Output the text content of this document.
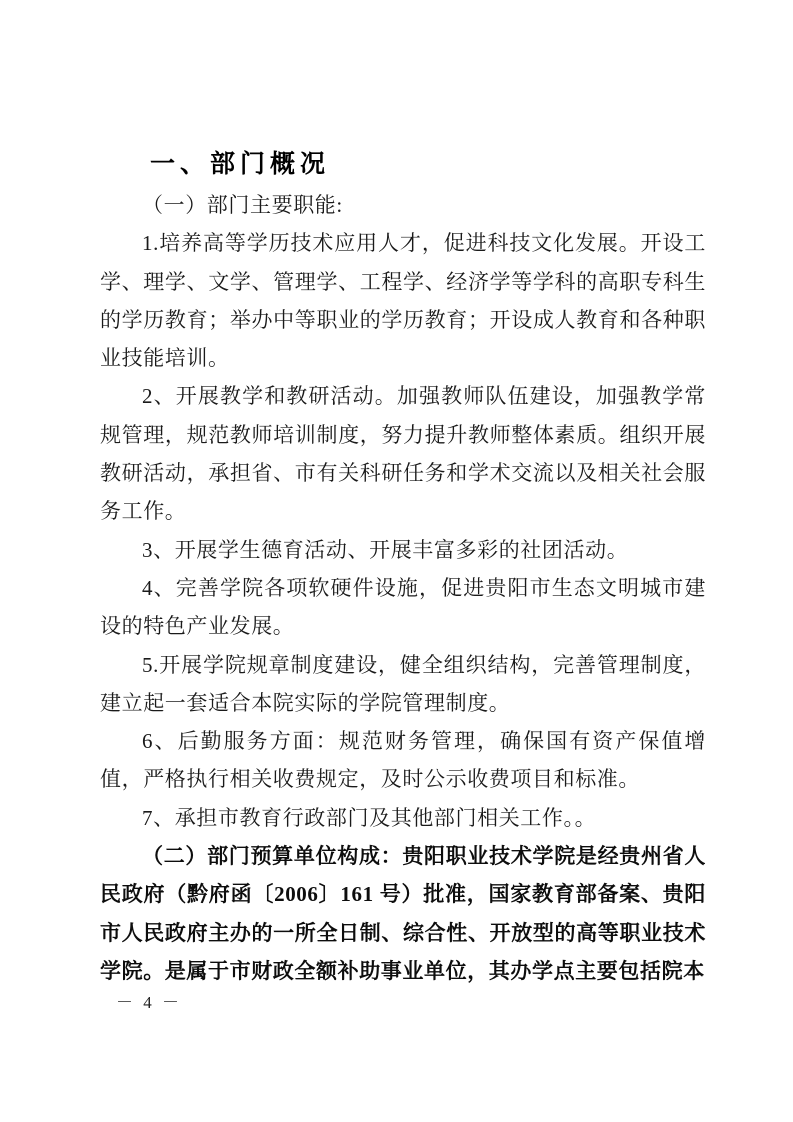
一、部门概况

（一）部门主要职能:

1.培养高等学历技术应用人才，促进科技文化发展。开设工学、理学、文学、管理学、工程学、经济学等学科的高职专科生的学历教育；举办中等职业的学历教育；开设成人教育和各种职业技能培训。

2、开展教学和教研活动。加强教师队伍建设，加强教学常规管理，规范教师培训制度，努力提升教师整体素质。组织开展教研活动，承担省、市有关科研任务和学术交流以及相关社会服务工作。

3、开展学生德育活动、开展丰富多彩的社团活动。

4、完善学院各项软硬件设施，促进贵阳市生态文明城市建设的特色产业发展。

5.开展学院规章制度建设，健全组织结构，完善管理制度，建立起一套适合本院实际的学院管理制度。

6、后勤服务方面：规范财务管理，确保国有资产保值增值，严格执行相关收费规定，及时公示收费项目和标准。

7、承担市教育行政部门及其他部门相关工作。。

（二）部门预算单位构成：贵阳职业技术学院是经贵州省人民政府（黔府函〔2006〕161 号）批准，国家教育部备案、贵阳市人民政府主办的一所全日制、综合性、开放型的高等职业技术学院。是属于市财政全额补助事业单位，其办学点主要包括院本

－ 4 －
